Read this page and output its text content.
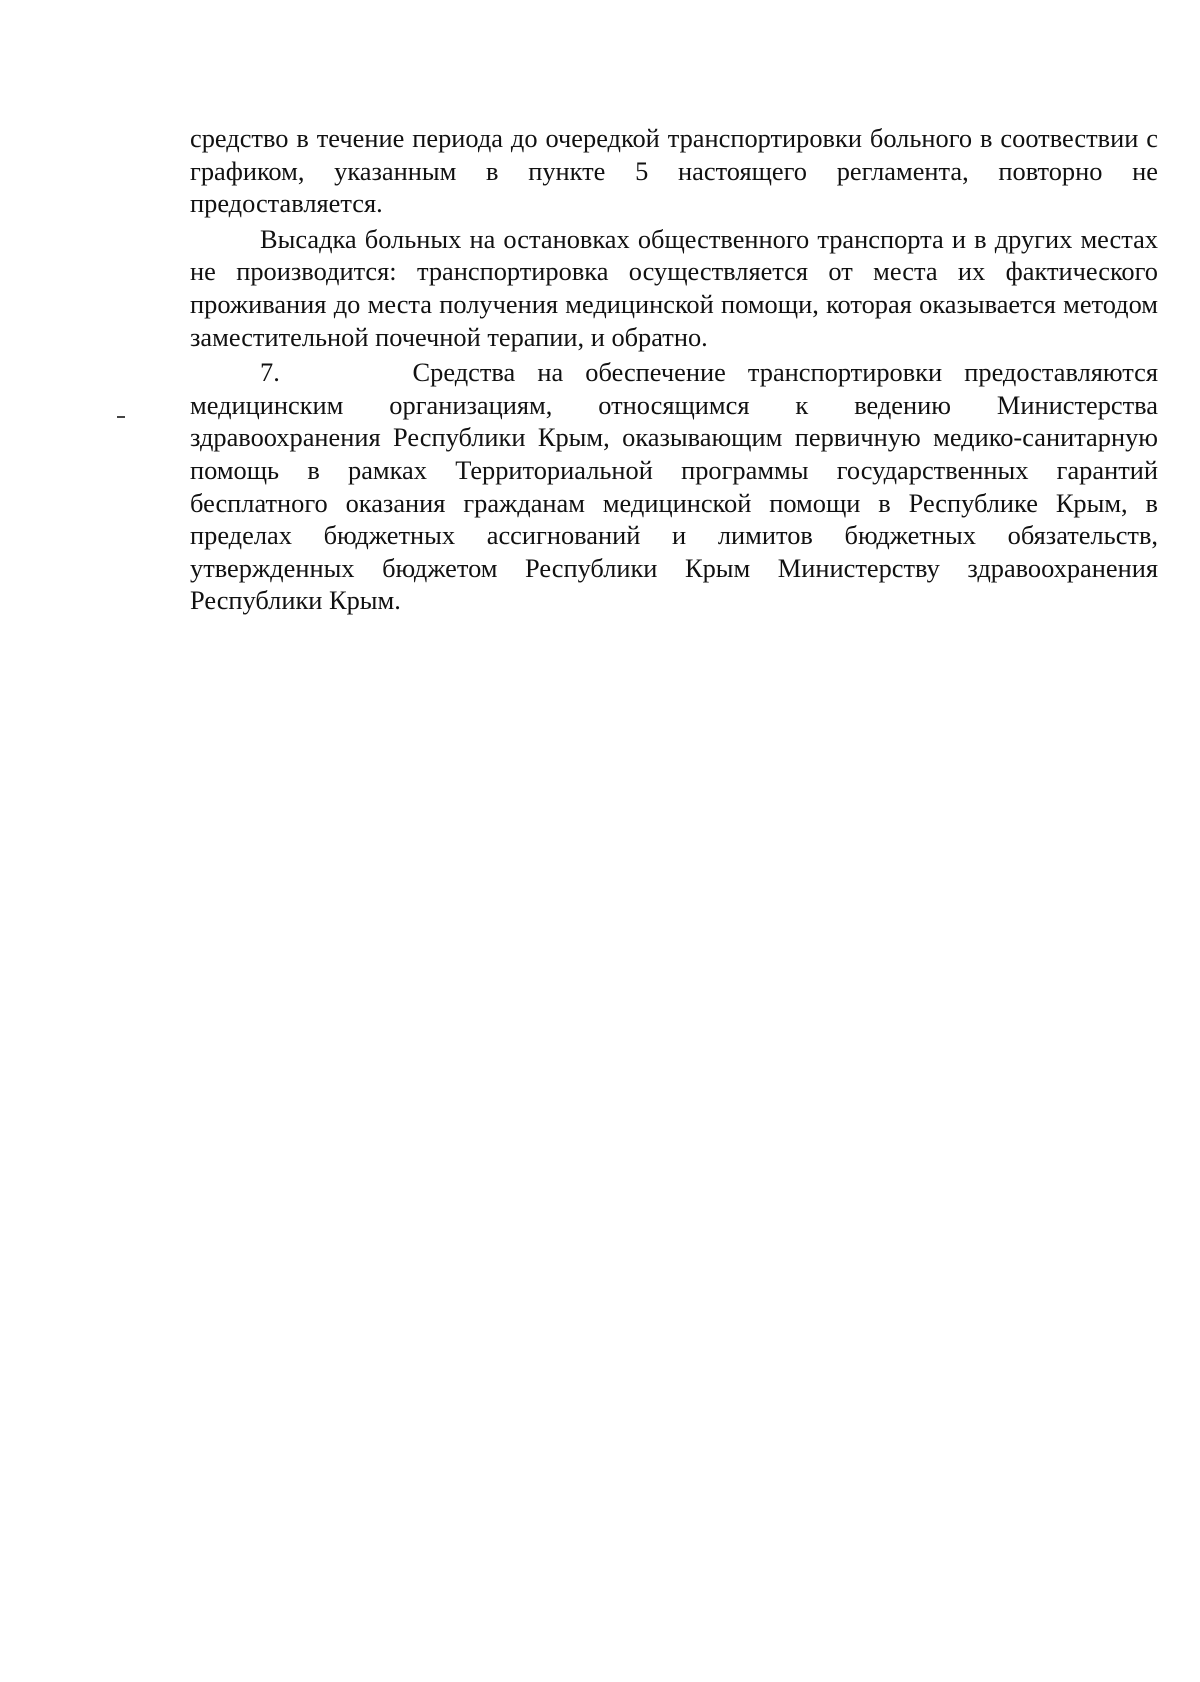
средство в течение периода до очередкой транспортировки больного в соотвествии с графиком, указанным в пункте 5 настоящего регламента, повторно не предоставляется.

Высадка больных на остановках общественного транспорта и в других местах не производится: транспортировка осуществляется от места их фактического проживания до места получения медицинской помощи, которая оказывается методом заместительной почечной терапии, и обратно.

7.      Средства на обеспечение транспортировки предоставляются медицинским организациям, относящимся к ведению Министерства здравоохранения Республики Крым, оказывающим первичную медико-санитарную помощь в рамках Территориальной программы государственных гарантий бесплатного оказания гражданам медицинской помощи в Республике Крым, в пределах бюджетных ассигнований и лимитов бюджетных обязательств, утвержденных бюджетом Республики Крым Министерству здравоохранения Республики Крым.
